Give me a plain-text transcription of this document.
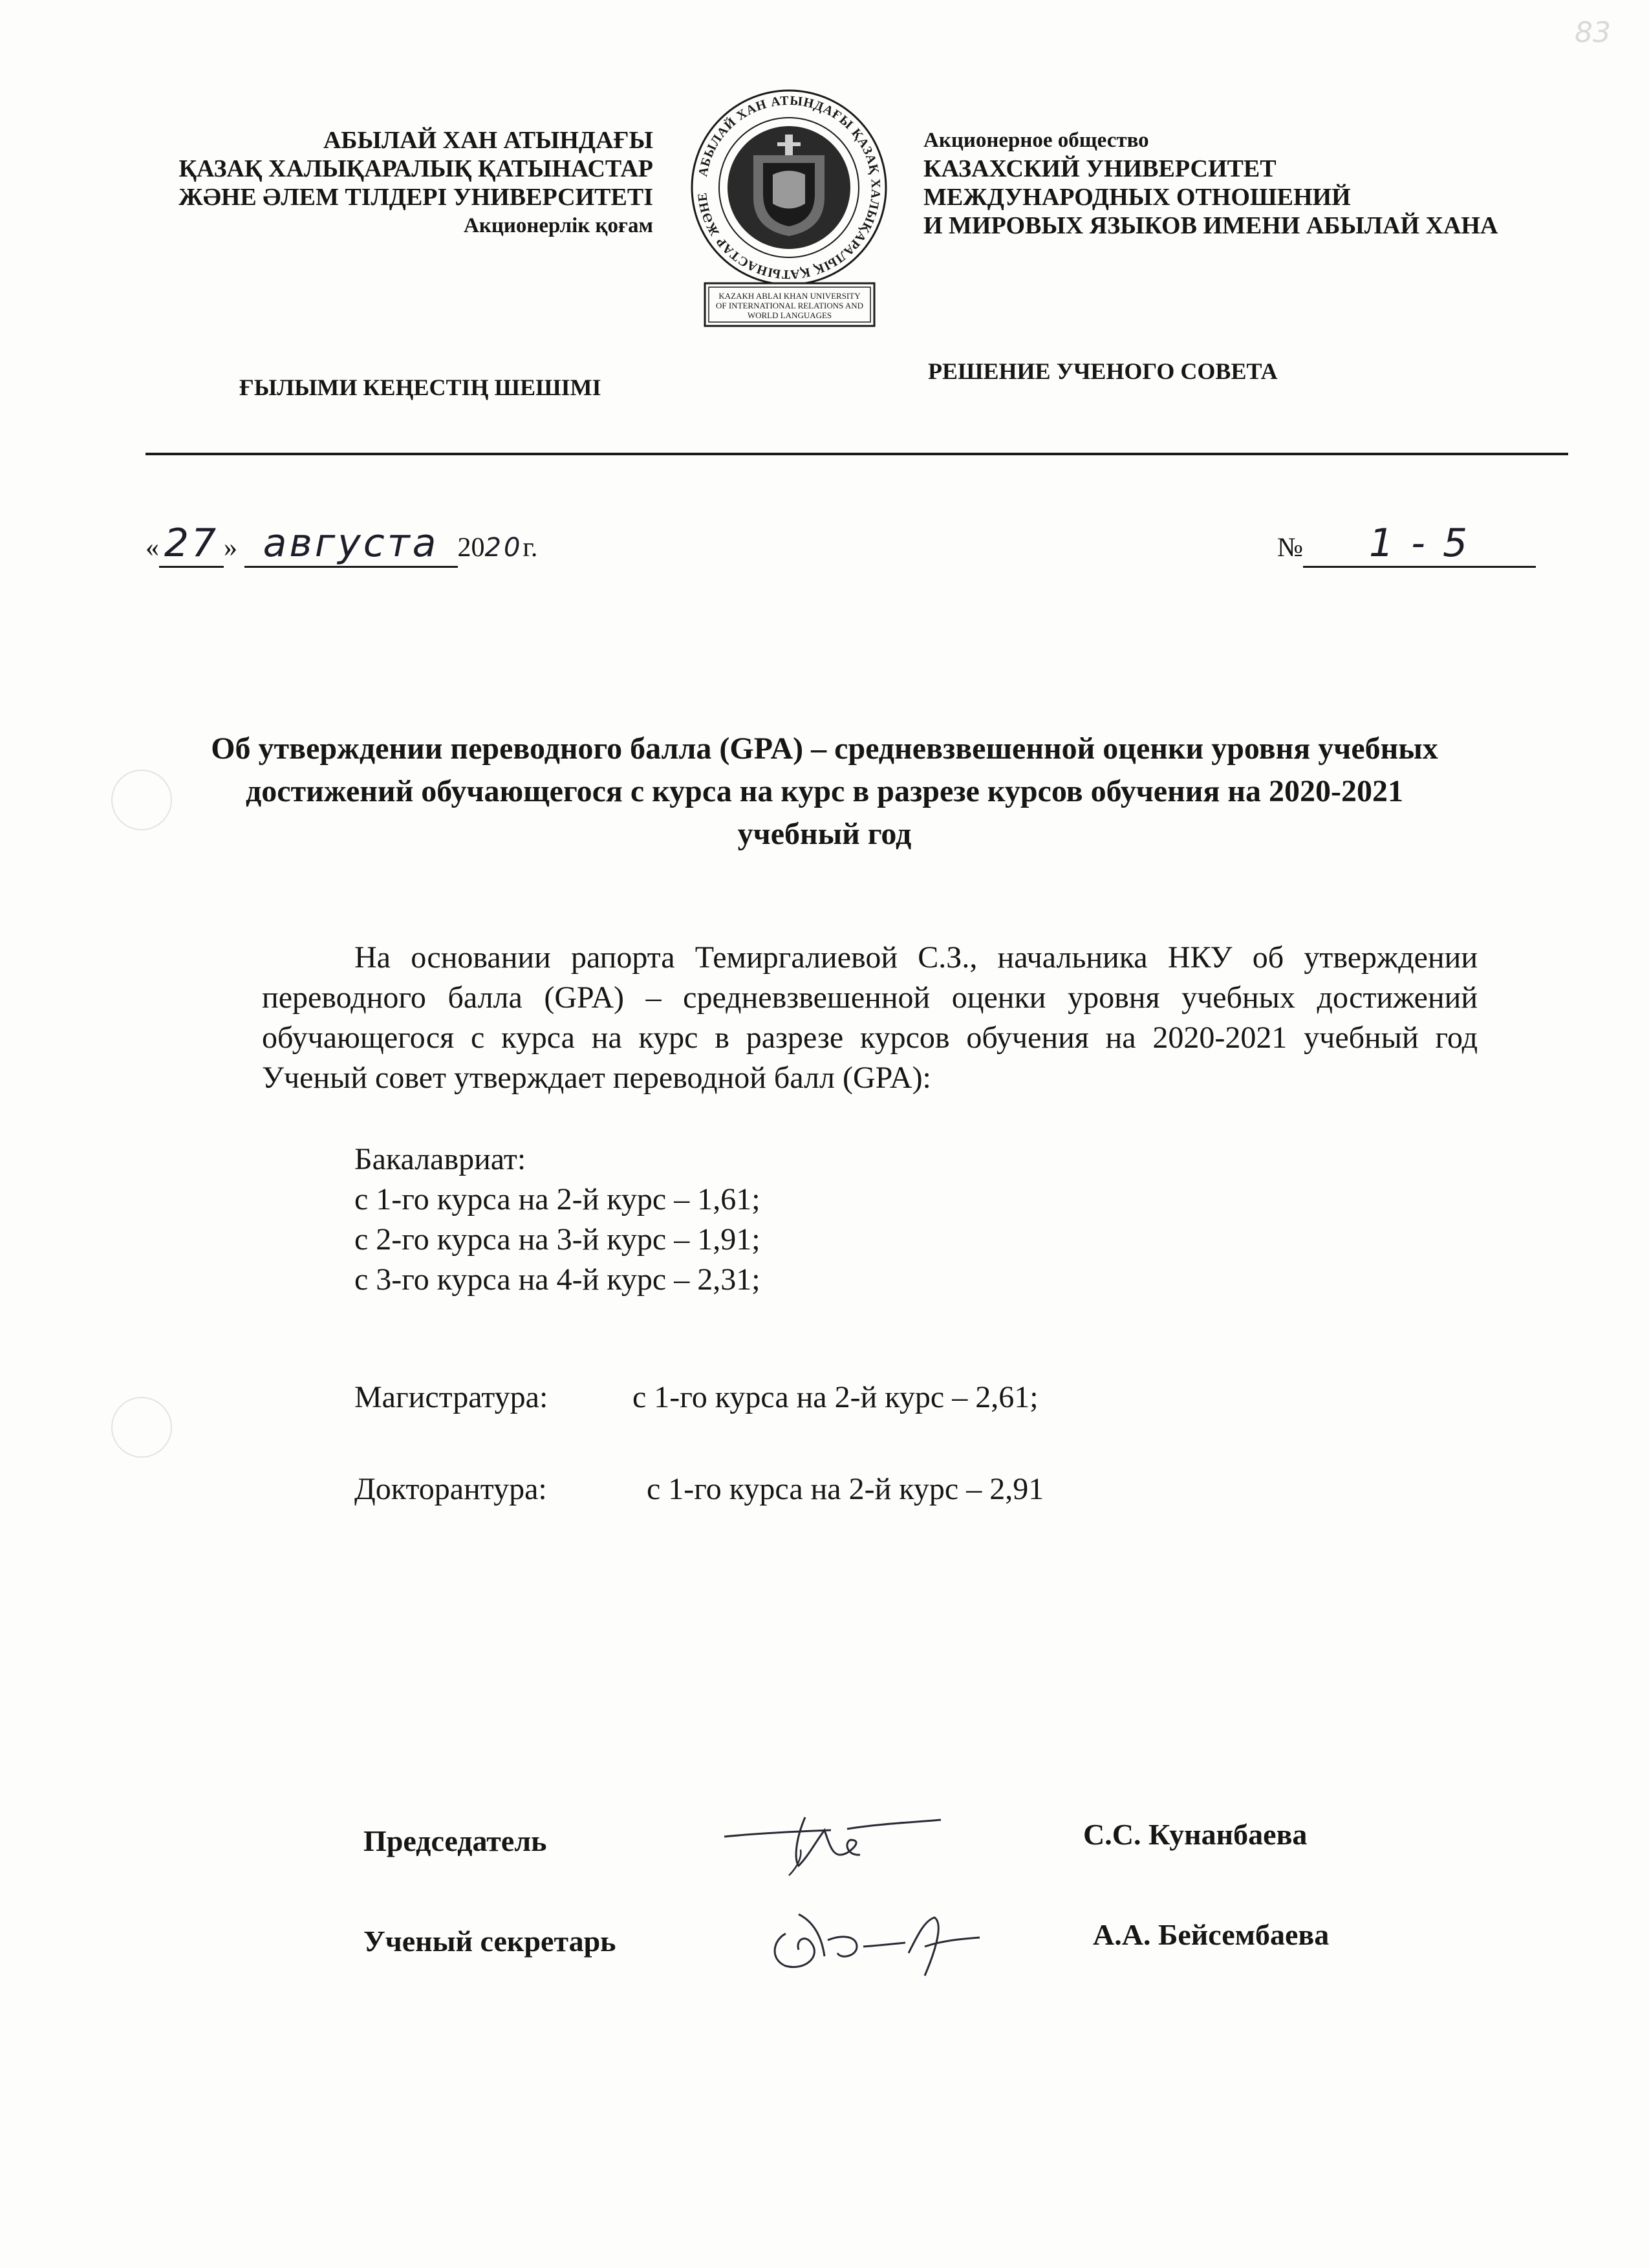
83
АБЫЛАЙ ХАН АТЫНДАҒЫ
ҚАЗАҚ ХАЛЫҚАРАЛЫҚ ҚАТЫНАСТАР
ЖӘНЕ ӘЛЕМ ТІЛДЕРІ УНИВЕРСИТЕТІ
Акционерлік қоғам
АБЫЛАЙ ХАН АТЫНДАҒЫ ҚАЗАҚ ХАЛЫҚАРАЛЫҚ ҚАТЫНАСТАР ЖӘНЕ
KAZAKH ABLAI KHAN UNIVERSITY
OF INTERNATIONAL RELATIONS AND
WORLD LANGUAGES
Акционерное общество
КАЗАХСКИЙ УНИВЕРСИТЕТ
МЕЖДУНАРОДНЫХ ОТНОШЕНИЙ
И МИРОВЫХ ЯЗЫКОВ ИМЕНИ АБЫЛАЙ ХАНА
ҒЫЛЫМИ КЕҢЕСТІҢ ШЕШІМІ
РЕШЕНИЕ УЧЕНОГО СОВЕТА
« 27 » августа 2020г.	№ 1 - 5
Об утверждении переводного балла (GPA) – средневзвешенной оценки уровня учебных достижений обучающегося с курса на курс в разрезе курсов обучения на 2020-2021 учебный год
На основании рапорта Темиргалиевой С.З., начальника НКУ об утверждении переводного балла (GPA) – средневзвешенной оценки уровня учебных достижений обучающегося с курса на курс в разрезе курсов обучения на 2020-2021 учебный год Ученый совет утверждает переводной балл (GPA):
Бакалавриат:
с 1-го курса на 2-й курс – 1,61;
с 2-го курса на 3-й курс – 1,91;
с 3-го курса на 4-й курс – 2,31;
Магистратура:	с 1-го курса на 2-й курс – 2,61;
Докторантура:	с 1-го курса на 2-й курс – 2,91
Председатель	С.С. Кунанбаева
Ученый секретарь	А.А. Бейсембаева
